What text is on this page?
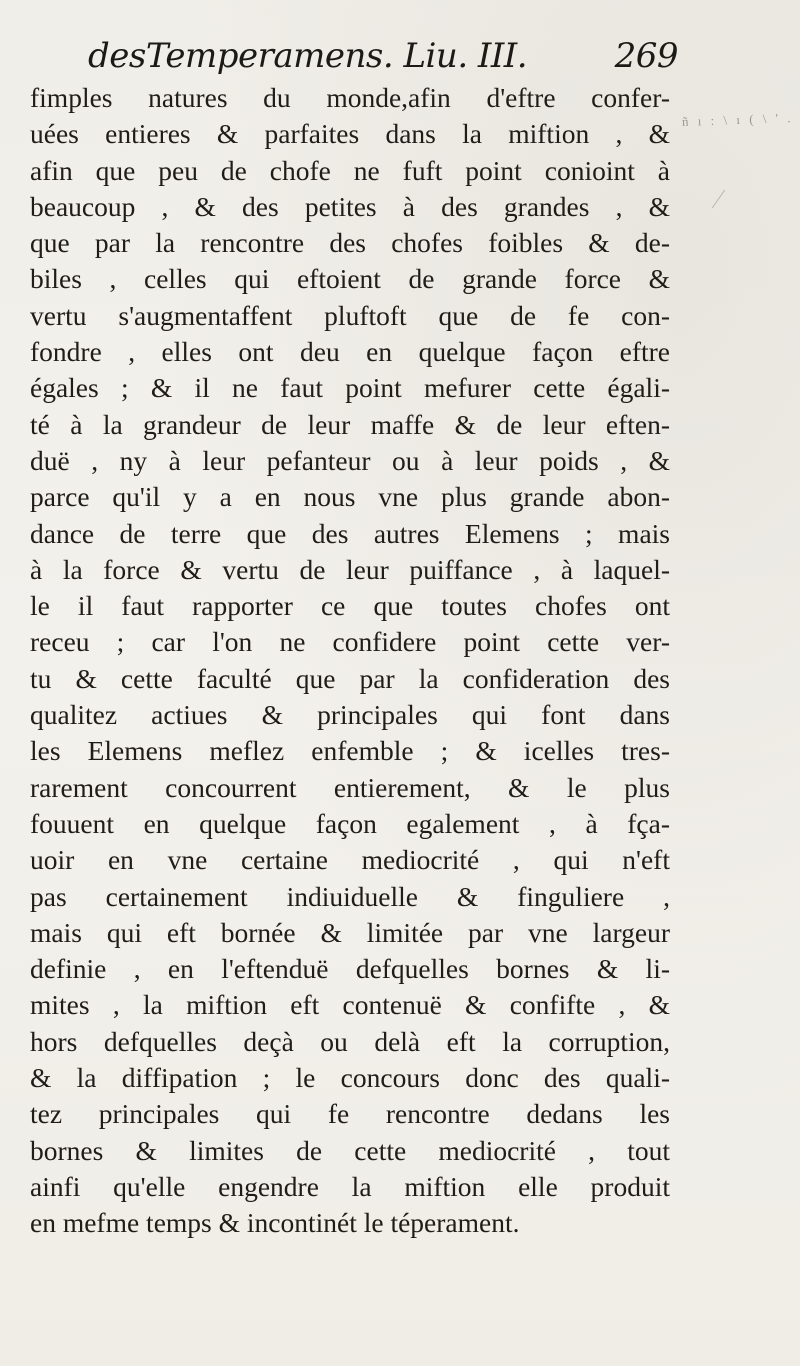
desTemperamens. Liu. III.	269
ñ ı : \ ı ( \ ' .
fimples natures du monde,afin d'eftre confer-
uées entieres & parfaites dans la miftion , &
afin que peu de chofe ne fuft point conioint à
beaucoup , & des petites à des grandes , &
que par la rencontre des chofes foibles & de-
biles , celles qui eftoient de grande force &
vertu s'augmentaffent pluftoft que de fe con-
fondre , elles ont deu en quelque façon eftre
égales ; & il ne faut point mefurer cette égali-
té à la grandeur de leur maffe & de leur eften-
duë , ny à leur pefanteur ou à leur poids , &
parce qu'il y a en nous vne plus grande abon-
dance de terre que des autres Elemens ; mais
à la force & vertu de leur puiffance , à laquel-
le il faut rapporter ce que toutes chofes ont
receu ; car l'on ne confidere point cette ver-
tu & cette faculté que par la confideration des
qualitez actiues & principales qui font dans
les Elemens meflez enfemble ; & icelles tres-
rarement concourrent entierement, & le plus
fouuent en quelque façon egalement , à fça-
uoir en vne certaine mediocrité , qui n'eft
pas certainement indiuiduelle & finguliere ,
mais qui eft bornée & limitée par vne largeur
definie , en l'eftenduë defquelles bornes & li-
mites , la miftion eft contenuë & confifte , &
hors defquelles deçà ou delà eft la corruption,
& la diffipation ; le concours donc des quali-
tez principales qui fe rencontre dedans les
bornes & limites de cette mediocrité , tout
ainfi qu'elle engendre la miftion elle produit
en mefme temps & incontinét le téperament.
